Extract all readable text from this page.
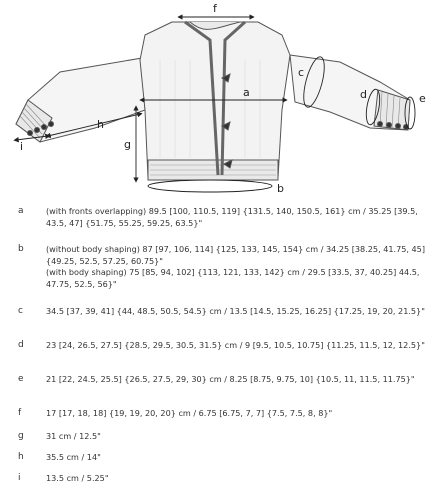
f
a
g
b
c
d	e
h
i
a	(with fronts overlapping) 89.5 [100, 110.5, 119] {131.5, 140, 150.5, 161} cm / 35.25 [39.5, 43.5, 47] {51.75, 55.25, 59.25, 63.5}"
b	(without body shaping) 87 [97, 106, 114] {125, 133, 145, 154} cm / 34.25 [38.25, 41.75, 45] {49.25, 52.5, 57.25, 60.75}"
(with body shaping) 75 [85, 94, 102] {113, 121, 133, 142} cm / 29.5 [33.5, 37, 40.25] 44.5, 47.75, 52.5, 56}"
c	34.5 [37, 39, 41] {44, 48.5, 50.5, 54.5} cm / 13.5 [14.5, 15.25, 16.25] {17.25, 19, 20, 21.5}"
d	23 [24, 26.5, 27.5] {28.5, 29.5, 30.5, 31.5} cm / 9 [9.5, 10.5, 10.75] {11.25, 11.5, 12, 12.5}"
e	21 [22, 24.5, 25.5] {26.5, 27.5, 29, 30} cm / 8.25 [8.75, 9.75, 10] {10.5, 11, 11.5, 11.75}"
f	17 [17, 18, 18] {19, 19, 20, 20} cm / 6.75 [6.75, 7, 7] {7.5, 7.5, 8, 8}"
g	31 cm / 12.5"
h	35.5 cm / 14"
i	13.5 cm / 5.25"
